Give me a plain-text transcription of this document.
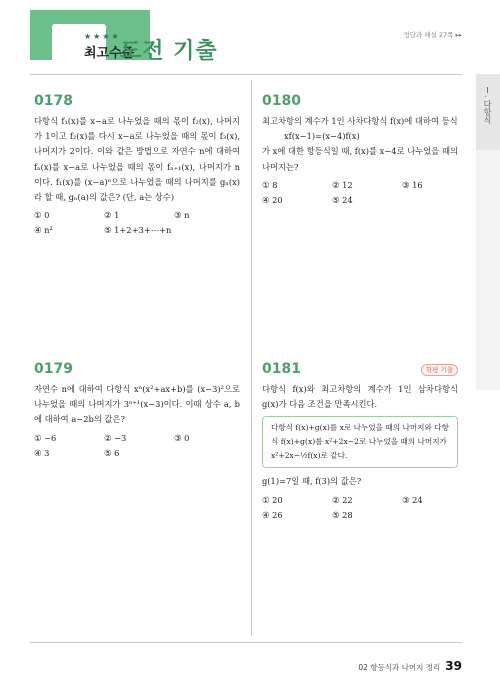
★★★★
최고수준
도전 기출
정답과 해설 27쪽 ▸▸
Ⅰ. 다항식
0178
다항식 f₁(x)를 x−a로 나누었을 때의 몫이 f₂(x), 나머지가 1이고 f₂(x)를 다시 x−a로 나누었을 때의 몫이 f₃(x), 나머지가 2이다. 이와 같은 방법으로 자연수 n에 대하여 fₙ(x)를 x−a로 나누었을 때의 몫이 fₙ₊₁(x), 나머지가 n이다. f₁(x)를 (x−a)ⁿ으로 나누었을 때의 나머지를 gₙ(x)라 할 때, gₙ(a)의 값은? (단, a는 상수)
① 0	② 1	③ n
④ n²	⑤ 1+2+3+⋯+n
0180
최고차항의 계수가 1인 사차다항식 f(x)에 대하여 등식
xf(x−1)=(x−4)f(x)
가 x에 대한 항등식일 때, f(x)를 x−4로 나누었을 때의 나머지는?
① 8	② 12	③ 16
④ 20	⑤ 24
0179
자연수 n에 대하여 다항식 xⁿ(x²+ax+b)를 (x−3)²으로 나누었을 때의 나머지가 3ⁿ⁺¹(x−3)이다. 이때 상수 a, b에 대하여 a−2b의 값은?
① −6	② −3	③ 0
④ 3	⑤ 6
0181	학평 기출
다항식 f(x)와 최고차항의 계수가 1인 삼차다항식 g(x)가 다음 조건을 만족시킨다.
다항식 f(x)+g(x)를 x로 나누었을 때의 나머지와 다항식 f(x)+g(x)를 x²+2x−2로 나누었을 때의 나머지가 x²+2x−½f(x)로 같다.
g(1)=7일 때, f(3)의 값은?
① 20	② 22	③ 24
④ 26	⑤ 28
02 항등식과 나머지 정리 39
